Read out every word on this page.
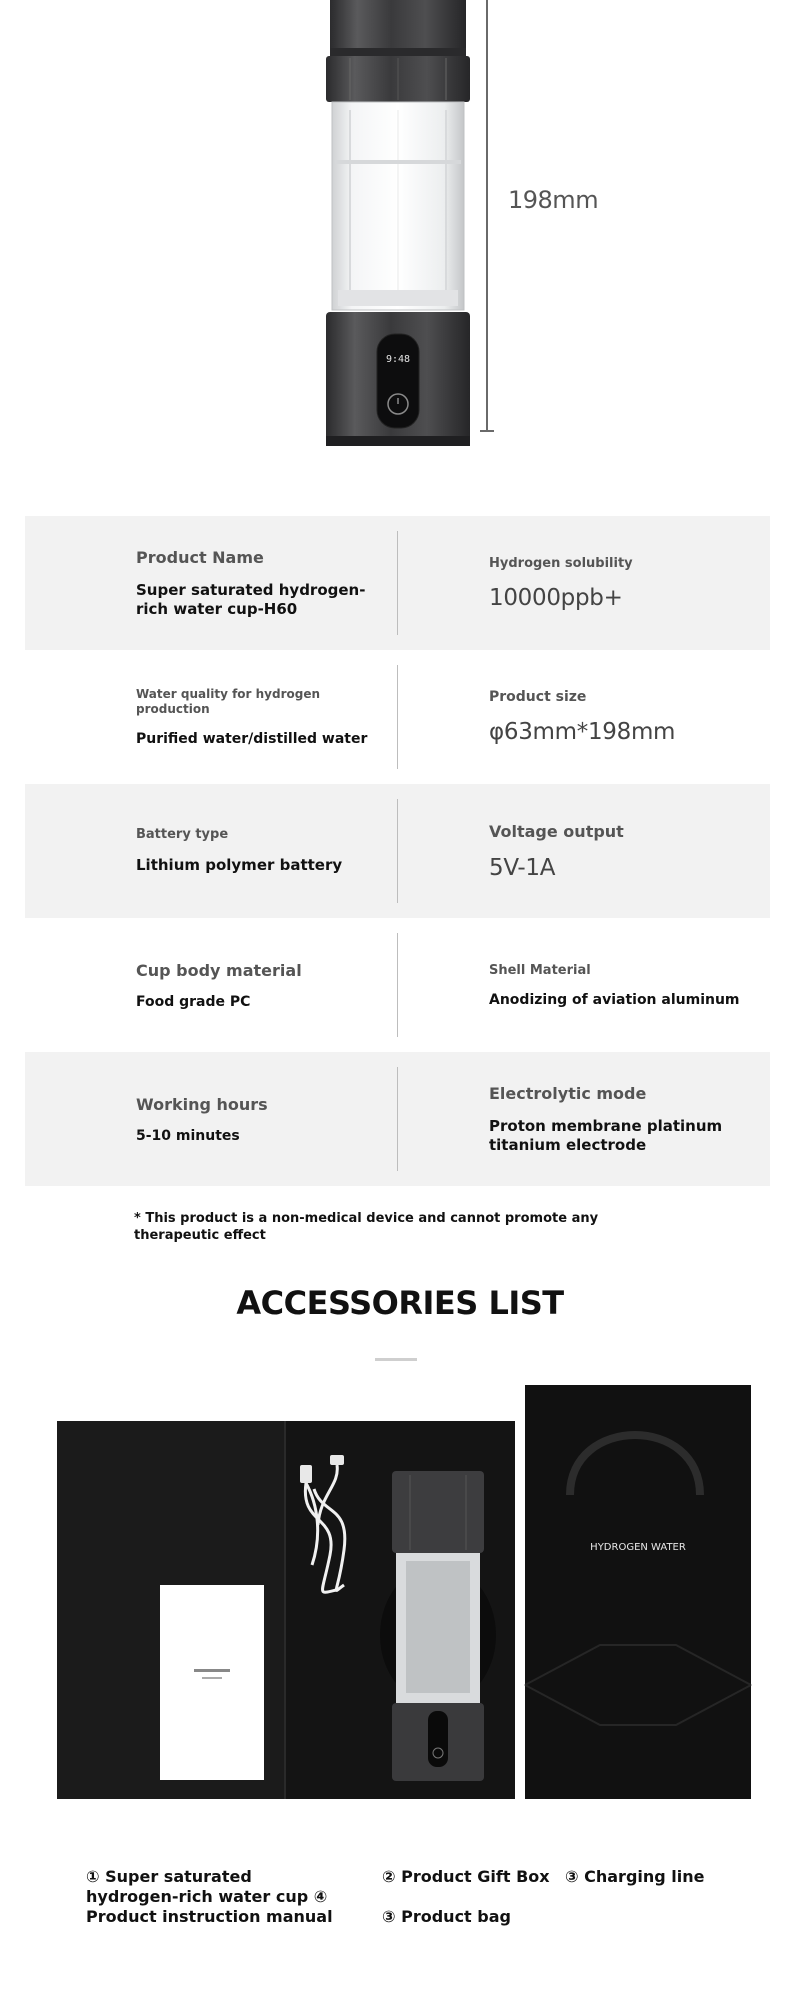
9:48
198mm
Product Name
Super saturated hydrogen-rich water cup-H60
Hydrogen solubility
10000ppb+
Water quality for hydrogen production
Purified water/distilled water
Product size
φ63mm*198mm
Battery type
Lithium polymer battery
Voltage output
5V-1A
Cup body material
Food grade PC
Shell Material
Anodizing of aviation aluminum
Working hours
5-10 minutes
Electrolytic mode
Proton membrane platinum titanium electrode
* This product is a non-medical device and cannot promote any therapeutic effect
ACCESSORIES LIST
HYDROGEN WATER
① Super saturated hydrogen-rich water cup ④ Product instruction manual
② Product Gift Box ③ Charging line
③ Product bag
